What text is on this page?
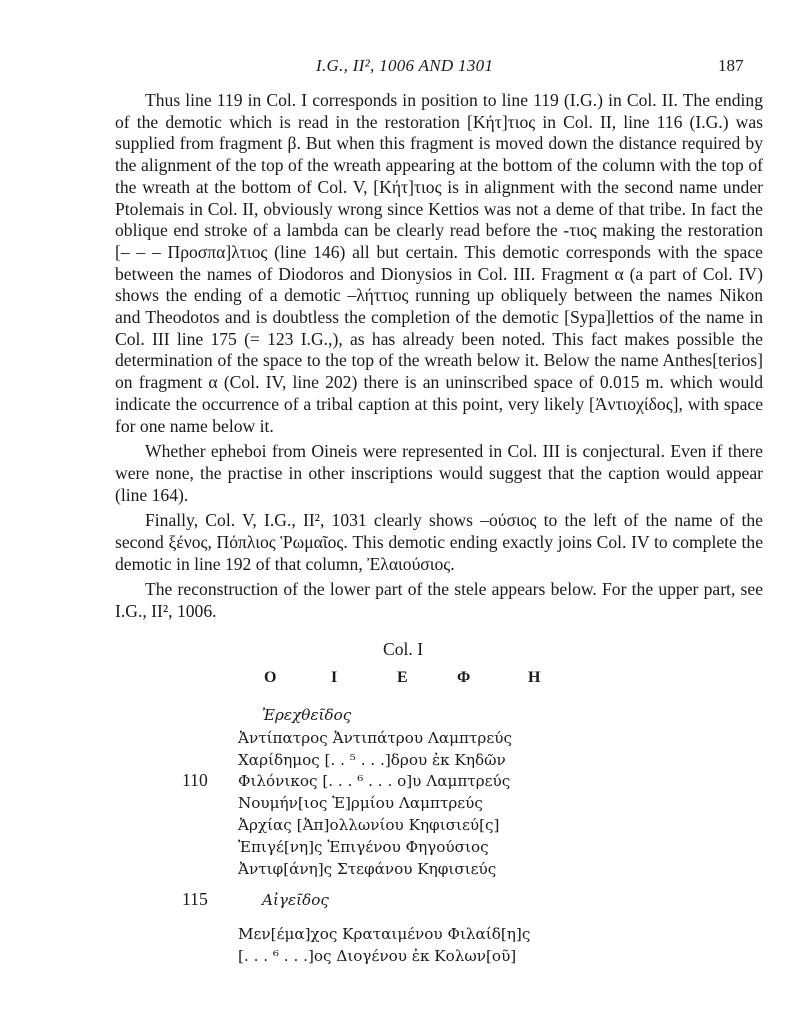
I.G., II², 1006 AND 1301	187

Thus line 119 in Col. I corresponds in position to line 119 (I.G.) in Col. II. The ending of the demotic which is read in the restoration [Κήτ]τιος in Col. II, line 116 (I.G.) was supplied from fragment β. But when this fragment is moved down the distance required by the alignment of the top of the wreath appearing at the bottom of the column with the top of the wreath at the bottom of Col. V, [Κήτ]τιος is in alignment with the second name under Ptolemais in Col. II, obviously wrong since Kettios was not a deme of that tribe. In fact the oblique end stroke of a lambda can be clearly read before the -τιος making the restoration [– – – Προσπα]λτιος (line 146) all but certain. This demotic corresponds with the space between the names of Diodoros and Dionysios in Col. III. Fragment α (a part of Col. IV) shows the ending of a demotic –λήττιος running up obliquely between the names Nikon and Theodotos and is doubtless the completion of the demotic [Sypa]lettios of the name in Col. III line 175 (= 123 I.G.,), as has already been noted. This fact makes possible the determination of the space to the top of the wreath below it. Below the name Anthes[terios] on fragment α (Col. IV, line 202) there is an uninscribed space of 0.015 m. which would indicate the occurrence of a tribal caption at this point, very likely [Ἀντιοχίδος], with space for one name below it.

Whether epheboi from Oineis were represented in Col. III is conjectural. Even if there were none, the practise in other inscriptions would suggest that the caption would appear (line 164).

Finally, Col. V, I.G., II², 1031 clearly shows –ούσιος to the left of the name of the second ξένος, Πόπλιος Ῥωμαῖος. This demotic ending exactly joins Col. IV to complete the demotic in line 192 of that column, Ἐλαιούσιος.

The reconstruction of the lower part of the stele appears below. For the upper part, see I.G., II², 1006.

Col. I
Ο	Ι	Ε	Φ	Η
Ἐρεχθεῖδος
Ἀντίπατρος Ἀντιπάτρου Λαμπτρεύς
Χαρίδημος [. . ⁵ . . .]δρου ἐκ Κηδῶν
110 Φιλόνικος [. . . ⁶ . . . ο]υ Λαμπτρεύς
Νουμήν[ιος Ἑ]ρμίου Λαμπτρεύς
Ἀρχίας [Ἀπ]ολλωνίου Κηφισιεύ[ς]
Ἐπιγέ[νη]ς Ἐπιγένου Φηγούσιος
Ἀντιφ[άνη]ς Στεφάνου Κηφισιεύς
115	Αἰγεῖδος
Μεν[έμα]χος Κραταιμένου Φιλαίδ[η]ς
[. . . ⁶ . . .]ος Διογένου ἐκ Κολων[οῦ]
